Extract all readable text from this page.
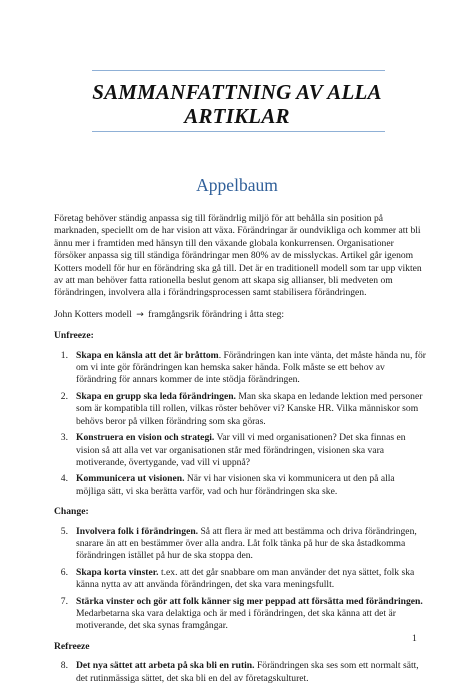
SAMMANFATTNING AV ALLA
ARTIKLAR
Appelbaum

Företag behöver ständig anpassa sig till förändrlig miljö för att behålla sin position på marknaden, speciellt om de har vision att växa. Förändringar är oundvikliga och kommer att bli ännu mer i framtiden med hänsyn till den växande globala konkurrensen. Organisationer försöker anpassa sig till ständiga förändringar men 80% av de misslyckas. Artikel går igenom Kotters modell för hur en förändring ska gå till. Det är en traditionell modell som tar upp vikten av att man behöver fatta rationella beslut genom att skapa sig allianser, bli medveten om förändringen, involvera alla i förändringsprocessen samt stabilisera förändringen.

John Kotters modell → framgångsrik förändring i åtta steg:

Unfreeze:

1. Skapa en känsla att det är bråttom. Förändringen kan inte vänta, det måste hända nu, för om vi inte gör förändringen kan hemska saker hända. Folk måste se ett behov av förändring för annars kommer de inte stödja förändringen.
2. Skapa en grupp ska leda förändringen. Man ska skapa en ledande lektion med personer som är kompatibla till rollen, vilkas röster behöver vi? Kanske HR. Vilka människor som behövs beror på vilken förändring som ska göras.
3. Konstruera en vision och strategi. Var vill vi med organisationen? Det ska finnas en vision så att alla vet var organisationen står med förändringen, visionen ska vara motiverande, övertygande, vad vill vi uppnå?
4. Kommunicera ut visionen. När vi har visionen ska vi kommunicera ut den på alla möjliga sätt, vi ska berätta varför, vad och hur förändringen ska ske.

Change:

5. Involvera folk i förändringen. Så att flera är med att bestämma och driva förändringen, snarare än att en bestämmer över alla andra. Låt folk tänka på hur de ska åstadkomma förändringen istället på hur de ska stoppa den.
6. Skapa korta vinster. t.ex. att det går snabbare om man använder det nya sättet, folk ska känna nytta av att använda förändringen, det ska vara meningsfullt.
7. Stärka vinster och gör att folk känner sig mer peppad att försätta med förändringen. Medarbetarna ska vara delaktiga och är med i förändringen, det ska känna att det är motiverande, det ska synas framgångar.

Refreeze

8. Det nya sättet att arbeta på ska bli en rutin. Förändringen ska ses som ett normalt sätt, det rutinmässiga sättet, det ska bli en del av företagskulturet.
1
